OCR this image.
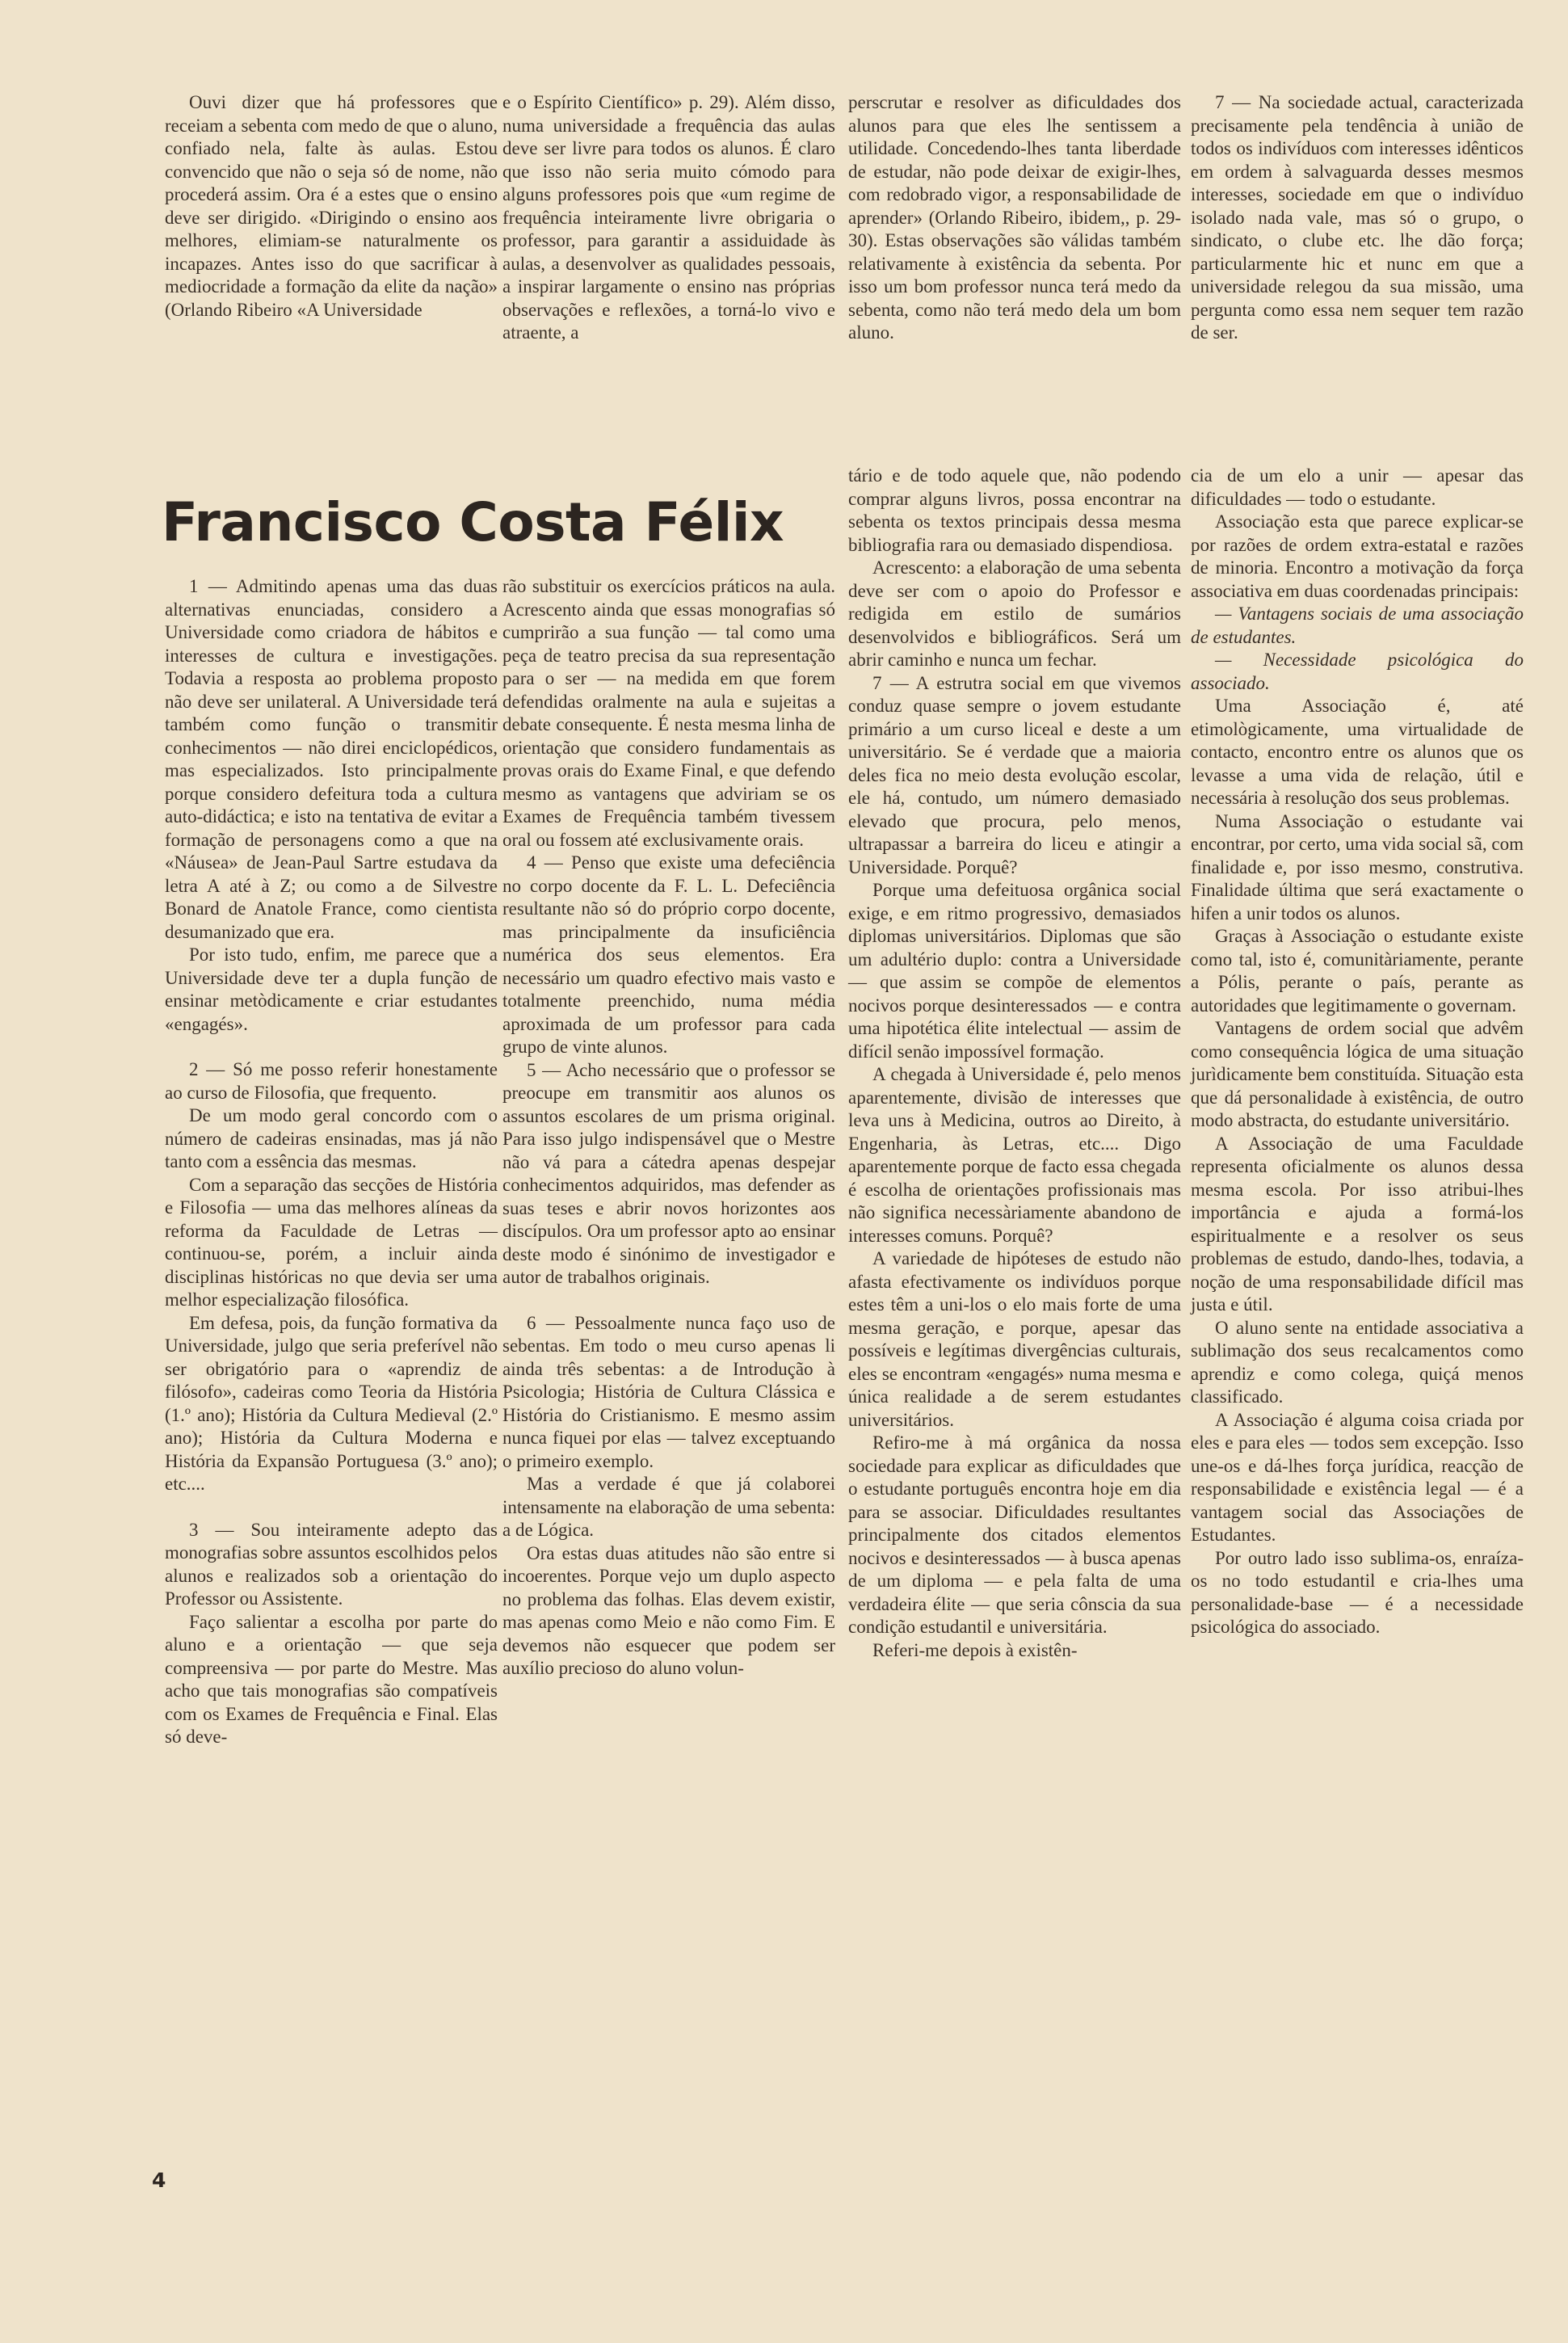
Ouvi dizer que há professores que receiam a sebenta com medo de que o aluno, confiado nela, falte às aulas. Estou convencido que não o seja só de nome, não procederá assim. Ora é a estes que o ensino deve ser dirigido. «Dirigindo o ensino aos melhores, elimiam-se naturalmente os incapazes. Antes isso do que sacrificar à mediocridade a formação da elite da nação» (Orlando Ribeiro «A Universidade

e o Espírito Científico» p. 29). Além disso, numa universidade a frequência das aulas deve ser livre para todos os alunos. É claro que isso não seria muito cómodo para alguns professores pois que «um regime de frequência inteiramente livre obrigaria o professor, para garantir a assiduidade às aulas, a desenvolver as qualidades pessoais, a inspirar largamente o ensino nas próprias observações e reflexões, a torná-lo vivo e atraente, a

perscrutar e resolver as dificuldades dos alunos para que eles lhe sentissem a utilidade. Concedendo-lhes tanta liberdade de estudar, não pode deixar de exigir-lhes, com redobrado vigor, a responsabilidade de aprender» (Orlando Ribeiro, ibidem,, p. 29-30). Estas observações são válidas também relativamente à existência da sebenta. Por isso um bom professor nunca terá medo da sebenta, como não terá medo dela um bom aluno.

7 — Na sociedade actual, caracterizada precisamente pela tendência à união de todos os indivíduos com interesses idênticos em ordem à salvaguarda desses mesmos interesses, sociedade em que o indivíduo isolado nada vale, mas só o grupo, o sindicato, o clube etc. lhe dão força; particularmente hic et nunc em que a universidade relegou da sua missão, uma pergunta como essa nem sequer tem razão de ser.

Francisco Costa Félix

1 — Admitindo apenas uma das duas alternativas enunciadas, considero a Universidade como criadora de hábitos e interesses de cultura e investigações. Todavia a resposta ao problema proposto não deve ser unilateral. A Universidade terá também como função o transmitir conhecimentos — não direi enciclopédicos, mas especializados. Isto principalmente porque considero defeitura toda a cultura auto-didáctica; e isto na tentativa de evitar a formação de personagens como a que na «Náusea» de Jean-Paul Sartre estudava da letra A até à Z; ou como a de Silvestre Bonard de Anatole France, como cientista desumanizado que era.

Por isto tudo, enfim, me parece que a Universidade deve ter a dupla função de ensinar metòdicamente e criar estudantes «engagés».

2 — Só me posso referir honestamente ao curso de Filosofia, que frequento.

De um modo geral concordo com o número de cadeiras ensinadas, mas já não tanto com a essência das mesmas.

Com a separação das secções de História e Filosofia — uma das melhores alíneas da reforma da Faculdade de Letras — continuou-se, porém, a incluir ainda disciplinas históricas no que devia ser uma melhor especialização filosófica.

Em defesa, pois, da função formativa da Universidade, julgo que seria preferível não ser obrigatório para o «aprendiz de filósofo», cadeiras como Teoria da História (1.º ano); História da Cultura Medieval (2.º ano); História da Cultura Moderna e História da Expansão Portuguesa (3.º ano); etc....

3 — Sou inteiramente adepto das monografias sobre assuntos escolhidos pelos alunos e realizados sob a orientação do Professor ou Assistente.

Faço salientar a escolha por parte do aluno e a orientação — que seja compreensiva — por parte do Mestre. Mas acho que tais monografias são compatíveis com os Exames de Frequência e Final. Elas só deve-

rão substituir os exercícios práticos na aula. Acrescento ainda que essas monografias só cumprirão a sua função — tal como uma peça de teatro precisa da sua representação para o ser — na medida em que forem defendidas oralmente na aula e sujeitas a debate consequente. É nesta mesma linha de orientação que considero fundamentais as provas orais do Exame Final, e que defendo mesmo as vantagens que adviriam se os Exames de Frequência também tivessem oral ou fossem até exclusivamente orais.

4 — Penso que existe uma defeciência no corpo docente da F. L. L. Defeciência resultante não só do próprio corpo docente, mas principalmente da insuficiência numérica dos seus elementos. Era necessário um quadro efectivo mais vasto e totalmente preenchido, numa média aproximada de um professor para cada grupo de vinte alunos.

5 — Acho necessário que o professor se preocupe em transmitir aos alunos os assuntos escolares de um prisma original. Para isso julgo indispensável que o Mestre não vá para a cátedra apenas despejar conhecimentos adquiridos, mas defender as suas teses e abrir novos horizontes aos discípulos. Ora um professor apto ao ensinar deste modo é sinónimo de investigador e autor de trabalhos originais.

6 — Pessoalmente nunca faço uso de sebentas. Em todo o meu curso apenas li ainda três sebentas: a de Introdução à Psicologia; História de Cultura Clássica e História do Cristianismo. E mesmo assim nunca fiquei por elas — talvez exceptuando o primeiro exemplo.

Mas a verdade é que já colaborei intensamente na elaboração de uma sebenta: a de Lógica.

Ora estas duas atitudes não são entre si incoerentes. Porque vejo um duplo aspecto no problema das folhas. Elas devem existir, mas apenas como Meio e não como Fim. E devemos não esquecer que podem ser auxílio precioso do aluno volun-

tário e de todo aquele que, não podendo comprar alguns livros, possa encontrar na sebenta os textos principais dessa mesma bibliografia rara ou demasiado dispendiosa.

Acrescento: a elaboração de uma sebenta deve ser com o apoio do Professor e redigida em estilo de sumários desenvolvidos e bibliográficos. Será um abrir caminho e nunca um fechar.

7 — A estrutra social em que vivemos conduz quase sempre o jovem estudante primário a um curso liceal e deste a um universitário. Se é verdade que a maioria deles fica no meio desta evolução escolar, ele há, contudo, um número demasiado elevado que procura, pelo menos, ultrapassar a barreira do liceu e atingir a Universidade. Porquê?

Porque uma defeituosa orgânica social exige, e em ritmo progressivo, demasiados diplomas universitários. Diplomas que são um adultério duplo: contra a Universidade — que assim se compõe de elementos nocivos porque desinteressados — e contra uma hipotética élite intelectual — assim de difícil senão impossível formação.

A chegada à Universidade é, pelo menos aparentemente, divisão de interesses que leva uns à Medicina, outros ao Direito, à Engenharia, às Letras, etc.... Digo aparentemente porque de facto essa chegada é escolha de orientações profissionais mas não significa necessàriamente abandono de interesses comuns. Porquê?

A variedade de hipóteses de estudo não afasta efectivamente os indivíduos porque estes têm a uni-los o elo mais forte de uma mesma geração, e porque, apesar das possíveis e legítimas divergências culturais, eles se encontram «engagés» numa mesma e única realidade a de serem estudantes universitários.

Refiro-me à má orgânica da nossa sociedade para explicar as dificuldades que o estudante português encontra hoje em dia para se associar. Dificuldades resultantes principalmente dos citados elementos nocivos e desinteressados — à busca apenas de um diploma — e pela falta de uma verdadeira élite — que seria cônscia da sua condição estudantil e universitária.

Referi-me depois à existên-

cia de um elo a unir — apesar das dificuldades — todo o estudante.

Associação esta que parece explicar-se por razões de ordem extra-estatal e razões de minoria. Encontro a motivação da força associativa em duas coordenadas principais:

— Vantagens sociais de uma associação de estudantes.

— Necessidade psicológica do associado.

Uma Associação é, até etimològicamente, uma virtualidade de contacto, encontro entre os alunos que os levasse a uma vida de relação, útil e necessária à resolução dos seus problemas.

Numa Associação o estudante vai encontrar, por certo, uma vida social sã, com finalidade e, por isso mesmo, construtiva. Finalidade última que será exactamente o hifen a unir todos os alunos.

Graças à Associação o estudante existe como tal, isto é, comunitàriamente, perante a Pólis, perante o país, perante as autoridades que legitimamente o governam.

Vantagens de ordem social que advêm como consequência lógica de uma situação jurìdicamente bem constituída. Situação esta que dá personalidade à existência, de outro modo abstracta, do estudante universitário.

A Associação de uma Faculdade representa oficialmente os alunos dessa mesma escola. Por isso atribui-lhes importância e ajuda a formá-los espiritualmente e a resolver os seus problemas de estudo, dando-lhes, todavia, a noção de uma responsabilidade difícil mas justa e útil.

O aluno sente na entidade associativa a sublimação dos seus recalcamentos como aprendiz e como colega, quiçá menos classificado.

A Associação é alguma coisa criada por eles e para eles — todos sem excepção. Isso une-os e dá-lhes força jurídica, reacção de responsabilidade e existência legal — é a vantagem social das Associações de Estudantes.

Por outro lado isso sublima-os, enraíza-os no todo estudantil e cria-lhes uma personalidade-base — é a necessidade psicológica do associado.

4
